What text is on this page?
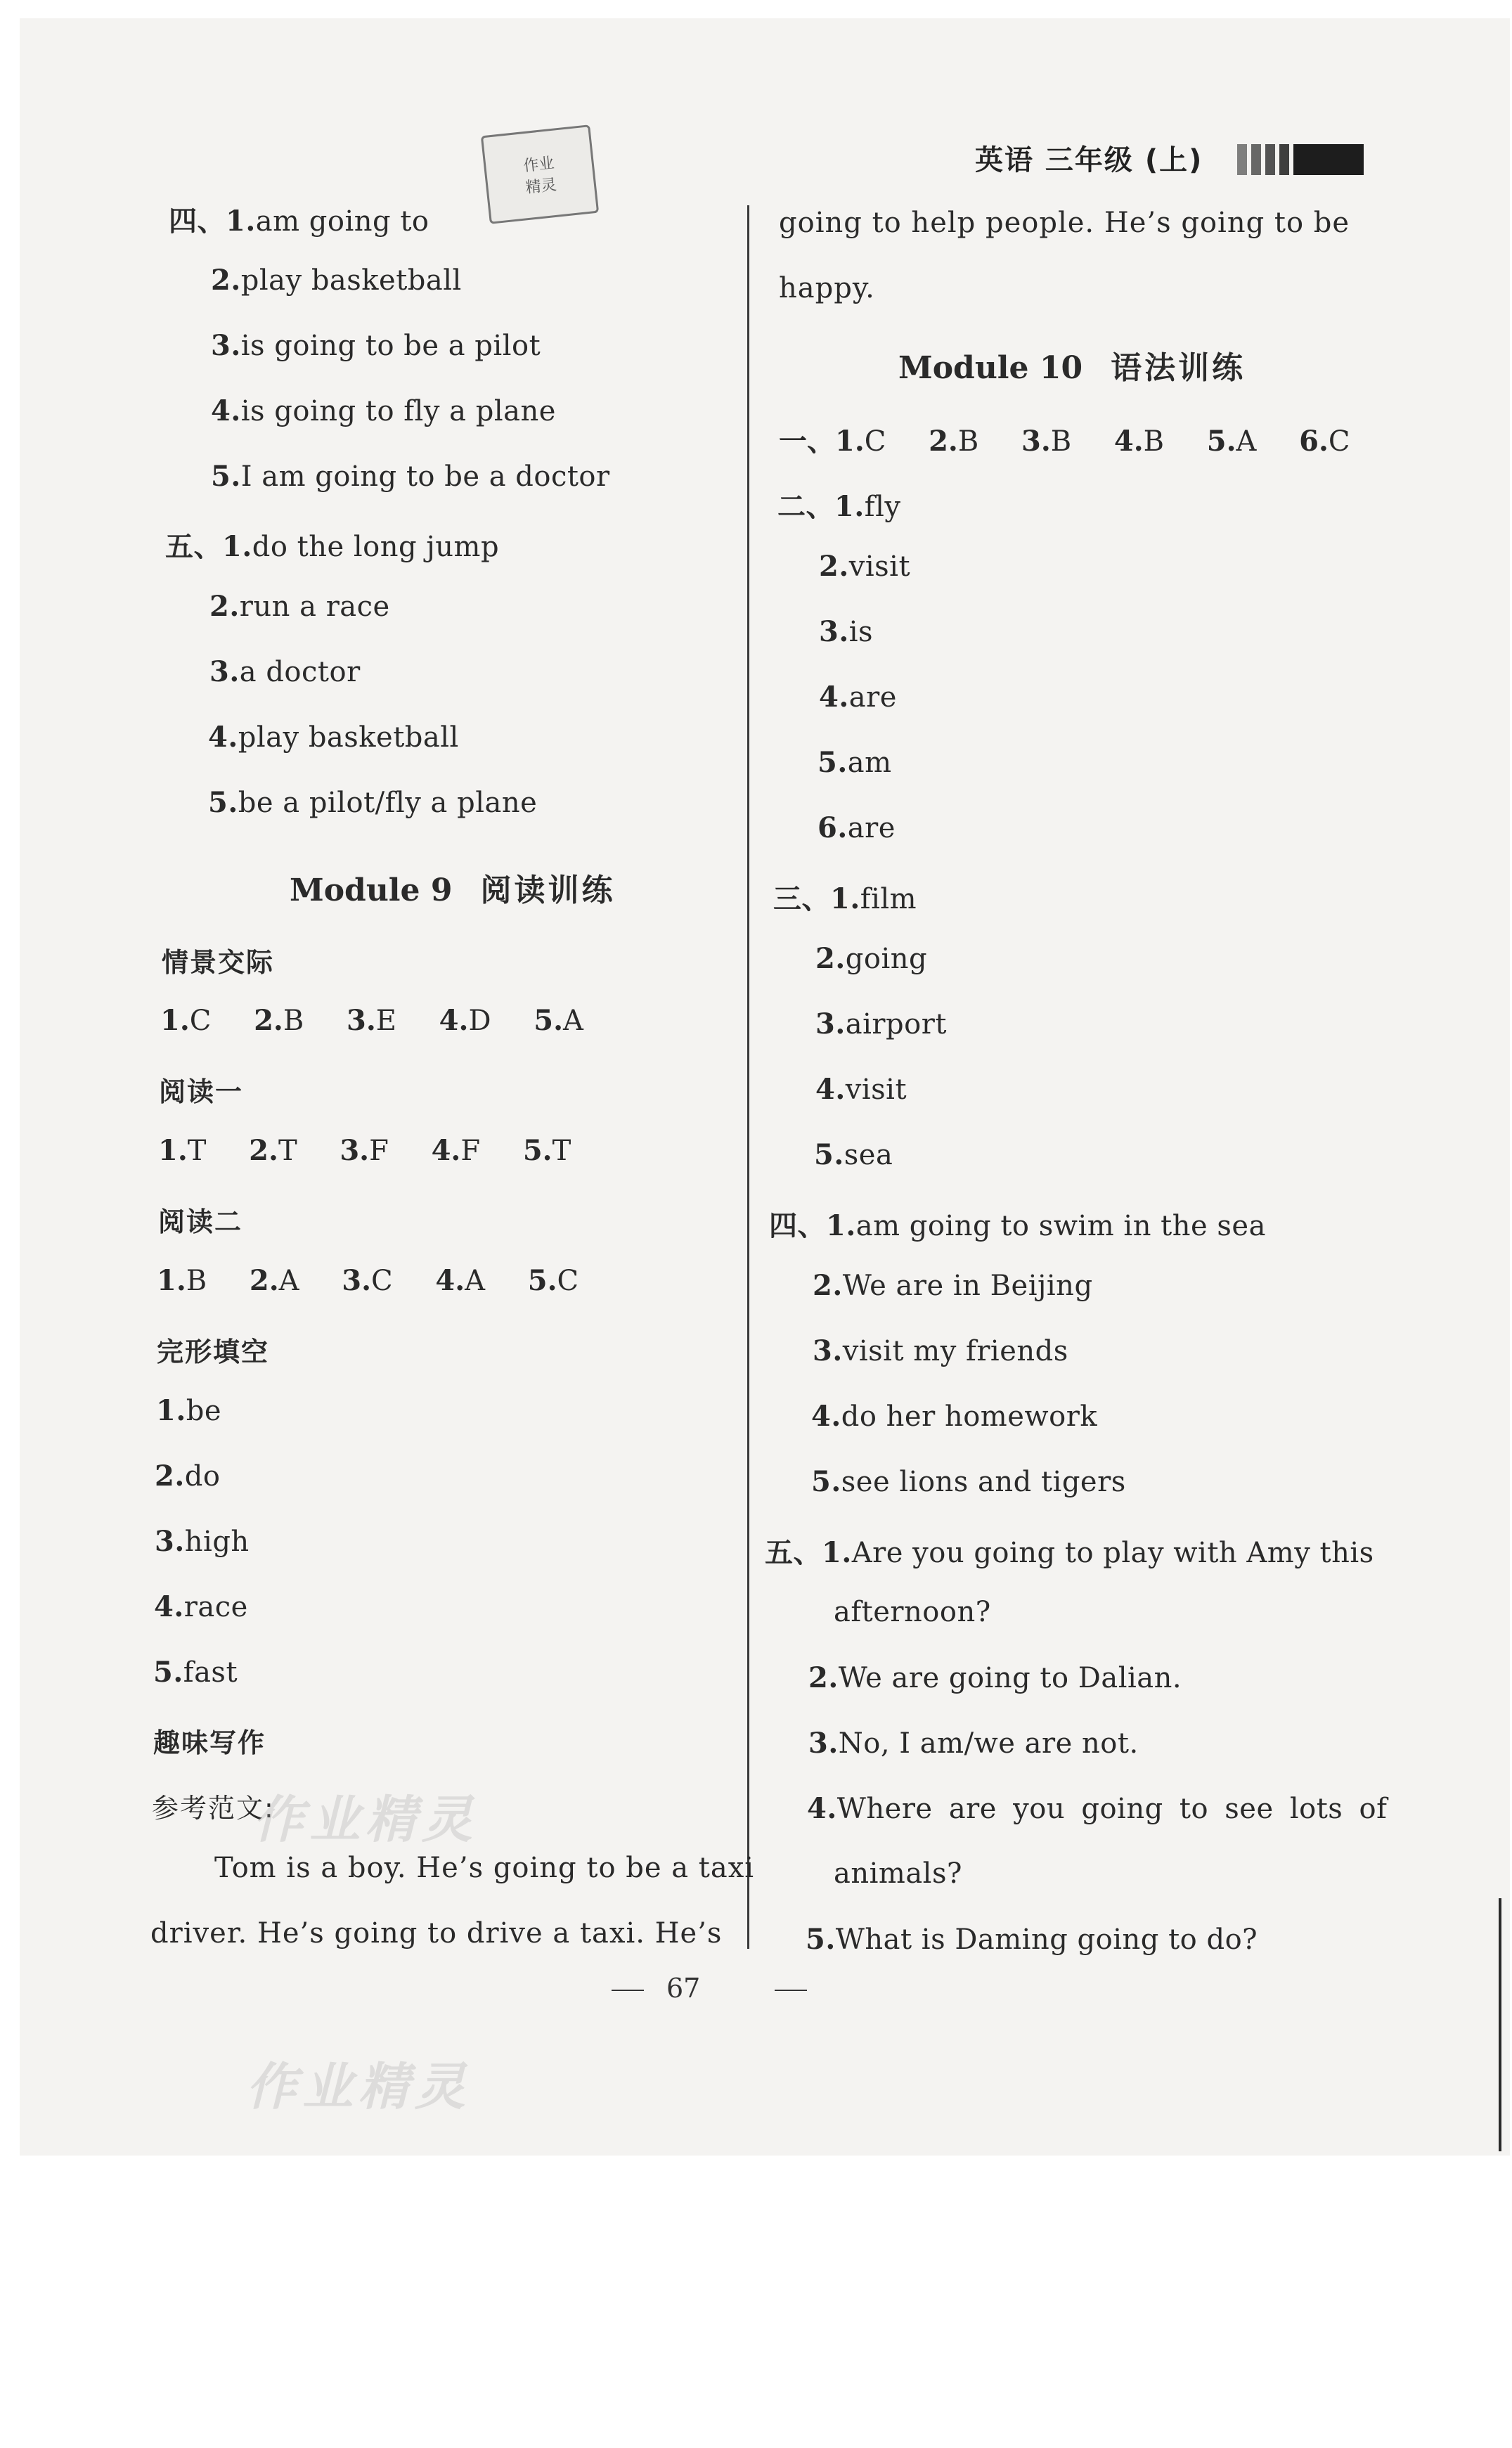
作业
精灵
英语 三年级 (上)
四、1.am going to
2.play basketball
3.is going to be a pilot
4.is going to fly a plane
5.I am going to be a doctor
五、1.do the long jump
2.run a race
3.a doctor
4.play basketball
5.be a pilot/fly a plane
Module 9 阅读训练
情景交际
1.C 2.B 3.E 4.D 5.A
阅读一
1.T 2.T 3.F 4.F 5.T
阅读二
1.B 2.A 3.C 4.A 5.C
完形填空
1.be
2.do
3.high
4.race
5.fast
趣味写作
参考范文:
作业精灵
Tom is a boy. He’s going to be a taxi
driver. He’s going to drive a taxi. He’s
作业精灵
going to help people. He’s going to be
happy.
Module 10 语法训练
一、1.C 2.B 3.B 4.B 5.A 6.C
二、1.fly
2.visit
3.is
4.are
5.am
6.are
三、1.film
2.going
3.airport
4.visit
5.sea
四、1.am going to swim in the sea
2.We are in Beijing
3.visit my friends
4.do her homework
5.see lions and tigers
五、1.Are you going to play with Amy this
afternoon?
2.We are going to Dalian.
3.No, I am/we are not.
4.Where are you going to see lots of
animals?
5.What is Daming going to do?
67
